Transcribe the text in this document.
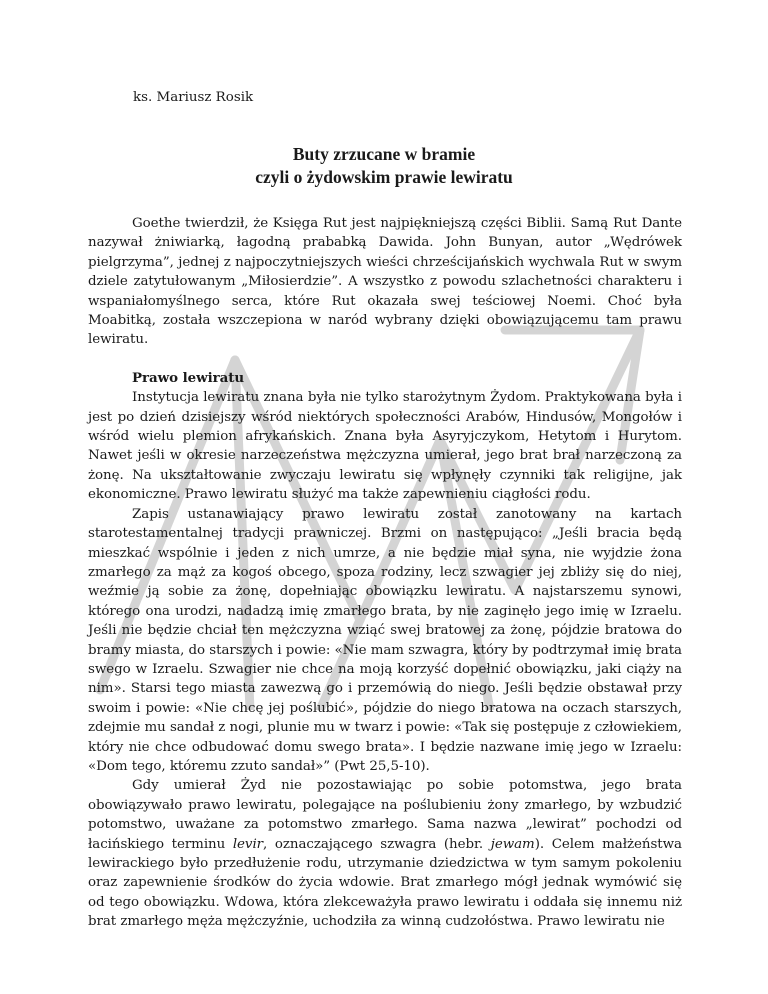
ks. Mariusz Rosik
Buty zrzucane w bramie
czyli o żydowskim prawie lewiratu

Goethe twierdził, że Księga Rut jest najpiękniejszą części Biblii. Samą Rut Dante nazywał żniwiarką, łagodną prababką Dawida. John Bunyan, autor „Wędrówek pielgrzyma”, jednej z najpoczytniejszych wieści chrześcijańskich wychwala Rut w swym dziele zatytułowanym „Miłosierdzie”. A wszystko z powodu szlachetności charakteru i wspaniałomyślnego serca, które Rut okazała swej teściowej Noemi. Choć była Moabitką, została wszczepiona w naród wybrany dzięki obowiązującemu tam prawu lewiratu.

Prawo lewiratu

Instytucja lewiratu znana była nie tylko starożytnym Żydom. Praktykowana była i jest po dzień dzisiejszy wśród niektórych społeczności Arabów, Hindusów, Mongołów i wśród wielu plemion afrykańskich. Znana była Asyryjczykom, Hetytom i Hurytom. Nawet jeśli w okresie narzeczeństwa mężczyzna umierał, jego brat brał narzeczoną za żonę. Na ukształtowanie zwyczaju lewiratu się wpłynęły czynniki tak religijne, jak ekonomiczne. Prawo lewiratu służyć ma także zapewnieniu ciągłości rodu.

Zapis ustanawiający prawo lewiratu został zanotowany na kartach starotestamentalnej tradycji prawniczej. Brzmi on następująco: „Jeśli bracia będą mieszkać wspólnie i jeden z nich umrze, a nie będzie miał syna, nie wyjdzie żona zmarłego za mąż za kogoś obcego, spoza rodziny, lecz szwagier jej zbliży się do niej, weźmie ją sobie za żonę, dopełniając obowiązku lewiratu. A najstarszemu synowi, którego ona urodzi, nadadzą imię zmarłego brata, by nie zaginęło jego imię w Izraelu. Jeśli nie będzie chciał ten mężczyzna wziąć swej bratowej za żonę, pójdzie bratowa do bramy miasta, do starszych i powie: «Nie mam szwagra, który by podtrzymał imię brata swego w Izraelu. Szwagier nie chce na moją korzyść dopełnić obowiązku, jaki ciąży na nim». Starsi tego miasta zawezwą go i przemówią do niego. Jeśli będzie obstawał przy swoim i powie: «Nie chcę jej poślubić», pójdzie do niego bratowa na oczach starszych, zdejmie mu sandał z nogi, plunie mu w twarz i powie: «Tak się postępuje z człowiekiem, który nie chce odbudować domu swego brata». I będzie nazwane imię jego w Izraelu: «Dom tego, któremu zzuto sandał»” (Pwt 25,5-10).

Gdy umierał Żyd nie pozostawiając po sobie potomstwa, jego brata obowiązywało prawo lewiratu, polegające na poślubieniu żony zmarłego, by wzbudzić potomstwo, uważane za potomstwo zmarłego. Sama nazwa „lewirat” pochodzi od łacińskiego terminu levir, oznaczającego szwagra (hebr. jewam). Celem małżeństwa lewirackiego było przedłużenie rodu, utrzymanie dziedzictwa w tym samym pokoleniu oraz zapewnienie środków do życia wdowie. Brat zmarłego mógł jednak wymówić się od tego obowiązku. Wdowa, która zlekceważyła prawo lewiratu i oddała się innemu niż brat zmarłego męża mężczyźnie, uchodziła za winną cudzołóstwa. Prawo lewiratu nie
